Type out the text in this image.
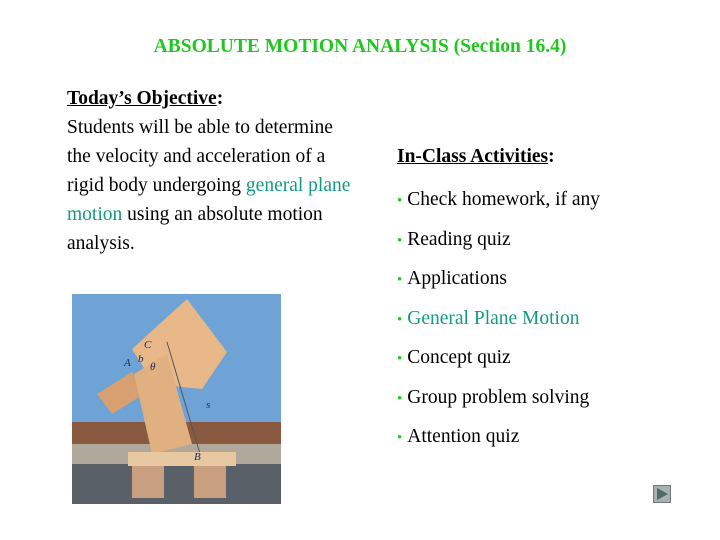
ABSOLUTE MOTION ANALYSIS (Section 16.4)
Today’s Objective:
Students will be able to determine the velocity and acceleration of a rigid body undergoing general plane motion using an absolute motion analysis.
In-Class Activities:
• Check homework, if any
• Reading quiz
• Applications
• General Plane Motion
• Concept quiz
• Group problem solving
• Attention quiz
A b
C
θ
s
B
